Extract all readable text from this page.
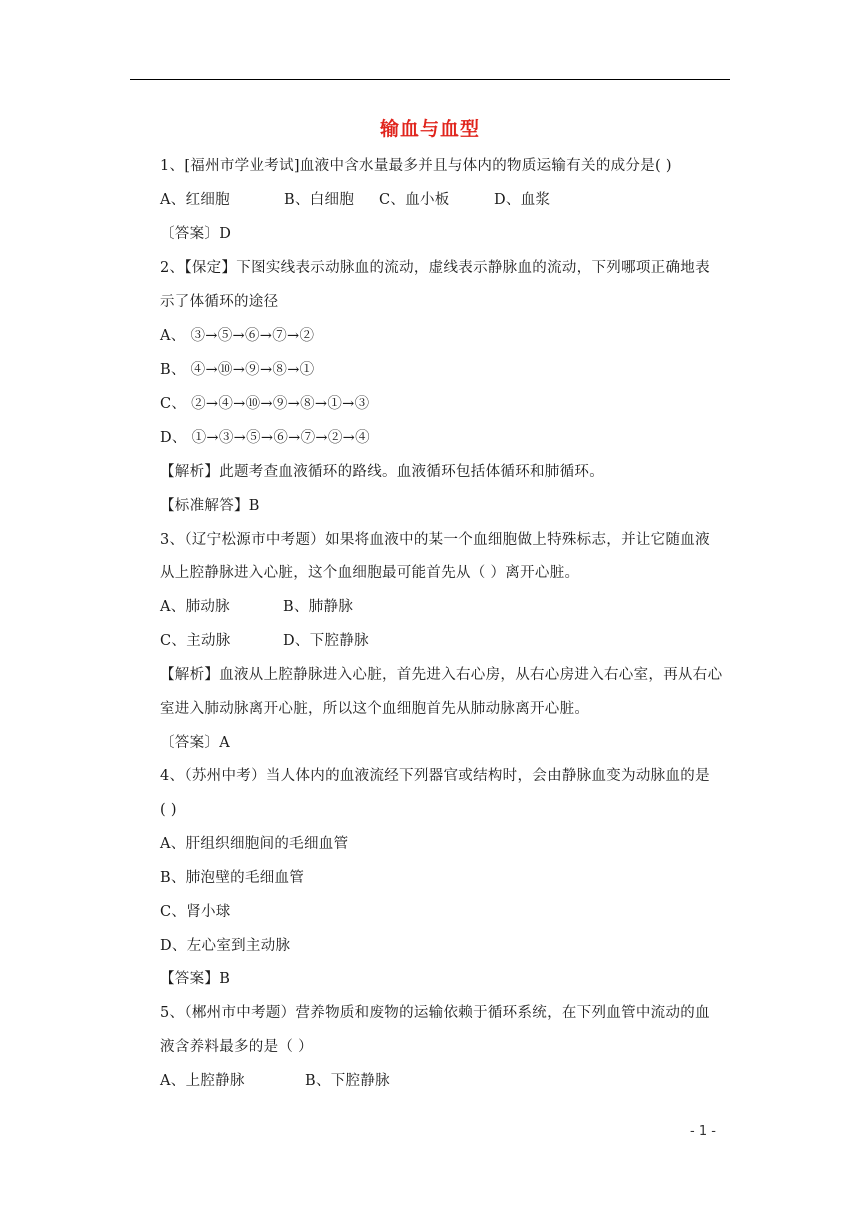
输血与血型
1、[福州市学业考试]血液中含水量最多并且与体内的物质运输有关的成分是( )
A、红细胞	B、白细胞 C、血小板	D、血浆
〔答案〕D
2、【保定】下图实线表示动脉血的流动，虚线表示静脉血的流动，下列哪项正确地表
示了体循环的途径
A、 ③→⑤→⑥→⑦→②
B、 ④→⑩→⑨→⑧→①
C、 ②→④→⑩→⑨→⑧→①→③
D、 ①→③→⑤→⑥→⑦→②→④
【解析】此题考查血液循环的路线。血液循环包括体循环和肺循环。
【标准解答】B
3、（辽宁松源市中考题）如果将血液中的某一个血细胞做上特殊标志，并让它随血液
从上腔静脉进入心脏，这个血细胞最可能首先从（ ）离开心脏。
A、肺动脉	B、肺静脉
C、主动脉	D、下腔静脉
【解析】血液从上腔静脉进入心脏，首先进入右心房，从右心房进入右心室，再从右心
室进入肺动脉离开心脏，所以这个血细胞首先从肺动脉离开心脏。
〔答案〕A
4、（苏州中考）当人体内的血液流经下列器官或结构时，会由静脉血变为动脉血的是
( )
A、肝组织细胞间的毛细血管
B、肺泡壁的毛细血管
C、肾小球
D、左心室到主动脉
【答案】B
5、（郴州市中考题）营养物质和废物的运输依赖于循环系统，在下列血管中流动的血
液含养料最多的是（ ）
A、上腔静脉	B、下腔静脉
- 1 -
